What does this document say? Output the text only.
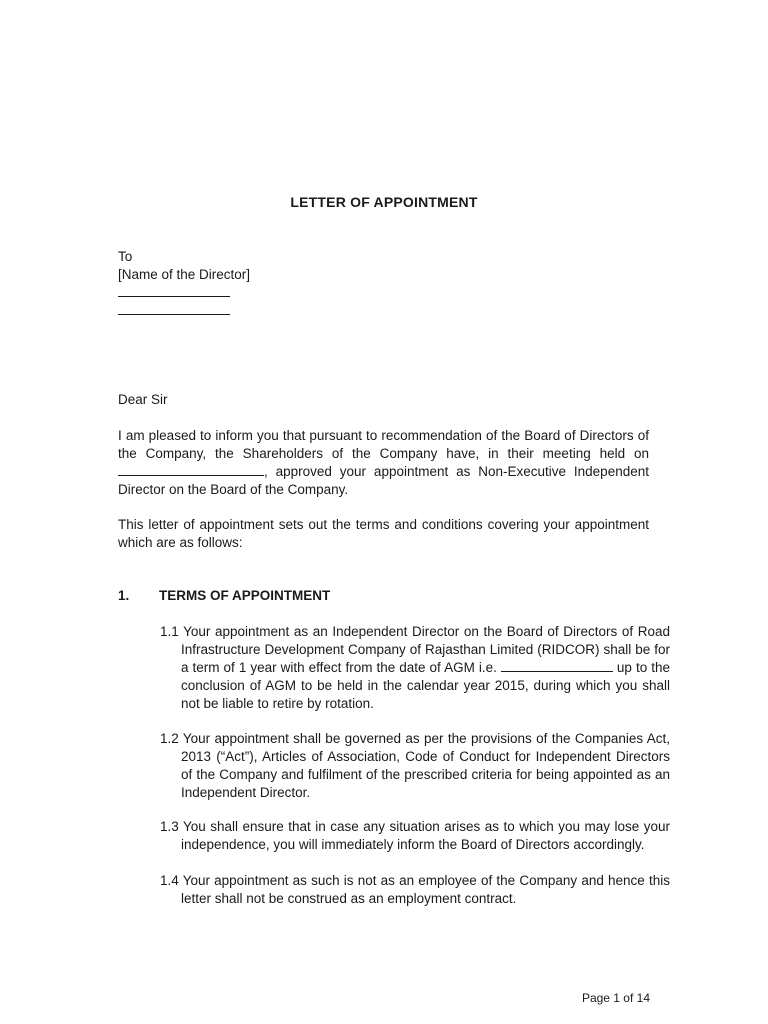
LETTER OF APPOINTMENT
To
[Name of the Director]
Dear Sir
I am pleased to inform you that pursuant to recommendation of the Board of Directors of the Company, the Shareholders of the Company have, in their meeting held on , approved your appointment as Non-Executive Independent Director on the Board of the Company.
This letter of appointment sets out the terms and conditions covering your appointment which are as follows:
1. TERMS OF APPOINTMENT
1.1 Your appointment as an Independent Director on the Board of Directors of Road Infrastructure Development Company of Rajasthan Limited (RIDCOR) shall be for a term of 1 year with effect from the date of AGM i.e.	up to the conclusion of AGM to be held in the calendar year 2015, during which you shall not be liable to retire by rotation.
1.2 Your appointment shall be governed as per the provisions of the Companies Act, 2013 (“Act”), Articles of Association, Code of Conduct for Independent Directors of the Company and fulfilment of the prescribed criteria for being appointed as an Independent Director.
1.3 You shall ensure that in case any situation arises as to which you may lose your independence, you will immediately inform the Board of Directors accordingly.
1.4 Your appointment as such is not as an employee of the Company and hence this letter shall not be construed as an employment contract.
Page 1 of 14
